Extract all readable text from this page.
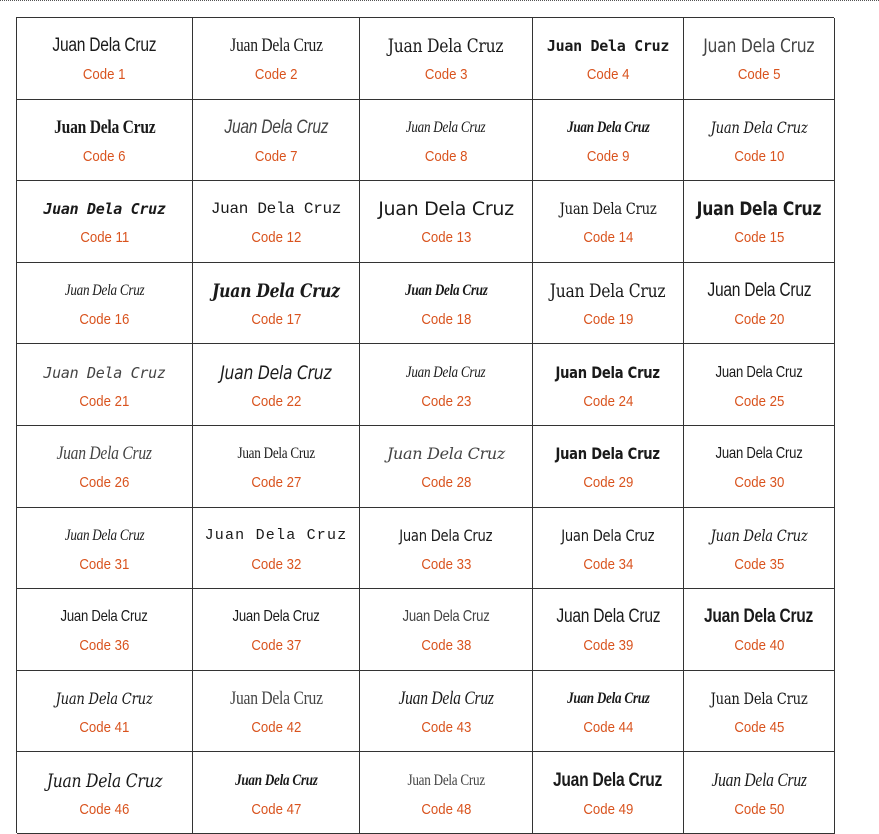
Juan Dela Cruz
Code 1
Juan Dela Cruz
Code 2
Juan Dela Cruz
Code 3
Juan Dela Cruz
Code 4
Juan Dela Cruz
Code 5
Juan Dela Cruz
Code 6
Juan Dela Cruz
Code 7
Juan Dela Cruz
Code 8
Juan Dela Cruz
Code 9
Juan Dela Cruz
Code 10
Juan Dela Cruz
Code 11
Juan Dela Cruz
Code 12
Juan Dela Cruz
Code 13
Juan Dela Cruz
Code 14
Juan Dela Cruz
Code 15
Juan Dela Cruz
Code 16
Juan Dela Cruz
Code 17
Juan Dela Cruz
Code 18
Juan Dela Cruz
Code 19
Juan Dela Cruz
Code 20
Juan Dela Cruz
Code 21
Juan Dela Cruz
Code 22
Juan Dela Cruz
Code 23
Juan Dela Cruz
Code 24
Juan Dela Cruz
Code 25
Juan Dela Cruz
Code 26
Juan Dela Cruz
Code 27
Juan Dela Cruz
Code 28
Juan Dela Cruz
Code 29
Juan Dela Cruz
Code 30
Juan Dela Cruz
Code 31
Juan Dela Cruz
Code 32
Juan Dela Cruz
Code 33
Juan Dela Cruz
Code 34
Juan Dela Cruz
Code 35
Juan Dela Cruz
Code 36
Juan Dela Cruz
Code 37
Juan Dela Cruz
Code 38
Juan Dela Cruz
Code 39
Juan Dela Cruz
Code 40
Juan Dela Cruz
Code 41
Juan Dela Cruz
Code 42
Juan Dela Cruz
Code 43
Juan Dela Cruz
Code 44
Juan Dela Cruz
Code 45
Juan Dela Cruz
Code 46
Juan Dela Cruz
Code 47
Juan Dela Cruz
Code 48
Juan Dela Cruz
Code 49
Juan Dela Cruz
Code 50
